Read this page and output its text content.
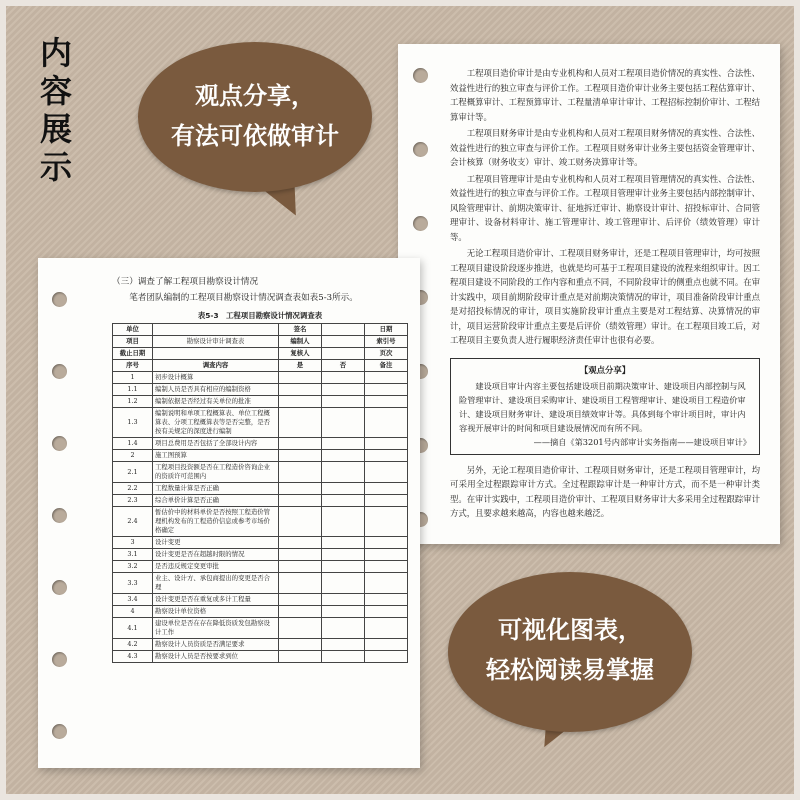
内
容
展
示

工程项目造价审计是由专业机构和人员对工程项目造价情况的真实性、合法性、效益性进行的独立审查与评价工作。工程项目造价审计业务主要包括工程估算审计、工程概算审计、工程预算审计、工程量清单审计审计、工程招标控制价审计、工程结算审计等。

工程项目财务审计是由专业机构和人员对工程项目财务情况的真实性、合法性、效益性进行的独立审查与评价工作。工程项目财务审计业务主要包括资金管理审计、会计核算（财务收支）审计、竣工财务决算审计等。

工程项目管理审计是由专业机构和人员对工程项目管理情况的真实性、合法性、效益性进行的独立审查与评价工作。工程项目管理审计业务主要包括内部控制审计、风险管理审计、前期决策审计、征地拆迁审计、勘察设计审计、招投标审计、合同管理审计、设备材料审计、施工管理审计、竣工管理审计、后评价（绩效管理）审计等。

无论工程项目造价审计、工程项目财务审计，还是工程项目管理审计，均可按照工程项目建设阶段逐步推进，也就是均可基于工程项目建设的流程来组织审计。因工程项目建设不同阶段的工作内容和重点不同，不同阶段审计的侧重点也就不同。在审计实践中，项目前期阶段审计重点是对前期决策情况的审计，项目准备阶段审计重点是对招投标情况的审计，项目实施阶段审计重点主要是对工程结算、决算情况的审计，项目运营阶段审计重点主要是后评价（绩效管理）审计。在工程项目竣工后，对工程项目主要负责人进行履职经济责任审计也很有必要。

【观点分享】

建设项目审计内容主要包括建设项目前期决策审计、建设项目内部控制与风险管理审计、建设项目采购审计、建设项目工程管理审计、建设项目工程造价审计、建设项目财务审计、建设项目绩效审计等。具体到每个审计项目时，审计内容视开展审计的时间和项目建设展情况而有所不同。

——摘自《第3201号内部审计实务指南——建设项目审计》

另外，无论工程项目造价审计、工程项目财务审计，还是工程项目管理审计，均可采用全过程跟踪审计方式。全过程跟踪审计是一种审计方式，而不是一种审计类型。在审计实践中，工程项目造价审计、工程项目财务审计大多采用全过程跟踪审计方式，且要求越来越高，内容也越来越泛。

（三）调查了解工程项目勘察设计情况

笔者团队编制的工程项目勘察设计情况调查表如表5-3所示。

表5-3　工程项目勘察设计情况调查表
单位		签名		日期
项目	勘察设计审计调查表	编制人		索引号
截止日期		复核人		页次
序号	调查内容	是	否	备注
1	初步设计概算			
1.1	编制人员是否具有相应的编制资格			
1.2	编制依据是否经过有关单位的批准			
1.3	编制说明和单项工程概算表、单位工程概算表、分项工程概算表等是否完整，是否按有关规定的深度进行编制			
1.4	项目总费用是否包括了全部设计内容			
2	施工图预算			
2.1	工程项目投资额是否在工程造价咨询企业的资质许可范围内			
2.2	工程数量计算是否正确			
2.3	综合单价计算是否正确			
2.4	暂估价中的材料单价是否按照工程造价管理机构发布的工程造价信息或参考市场价格确定			
3	设计变更			
3.1	设计变更是否在超越时限的情况			
3.2	是否违反规定变更审批			
3.3	业主、设计方、承包商提出的变更是否合理			
3.4	设计变更是否在重复或多计工程量			
4	勘察设计单位资格			
4.1	建设单位是否在存在降低资质发包勘察设计工作			
4.2	勘察设计人员资质是否满足要求			
4.3	勘察设计人员是否按要求到位			
观点分享，
有法可依做审计
可视化图表，
轻松阅读易掌握
